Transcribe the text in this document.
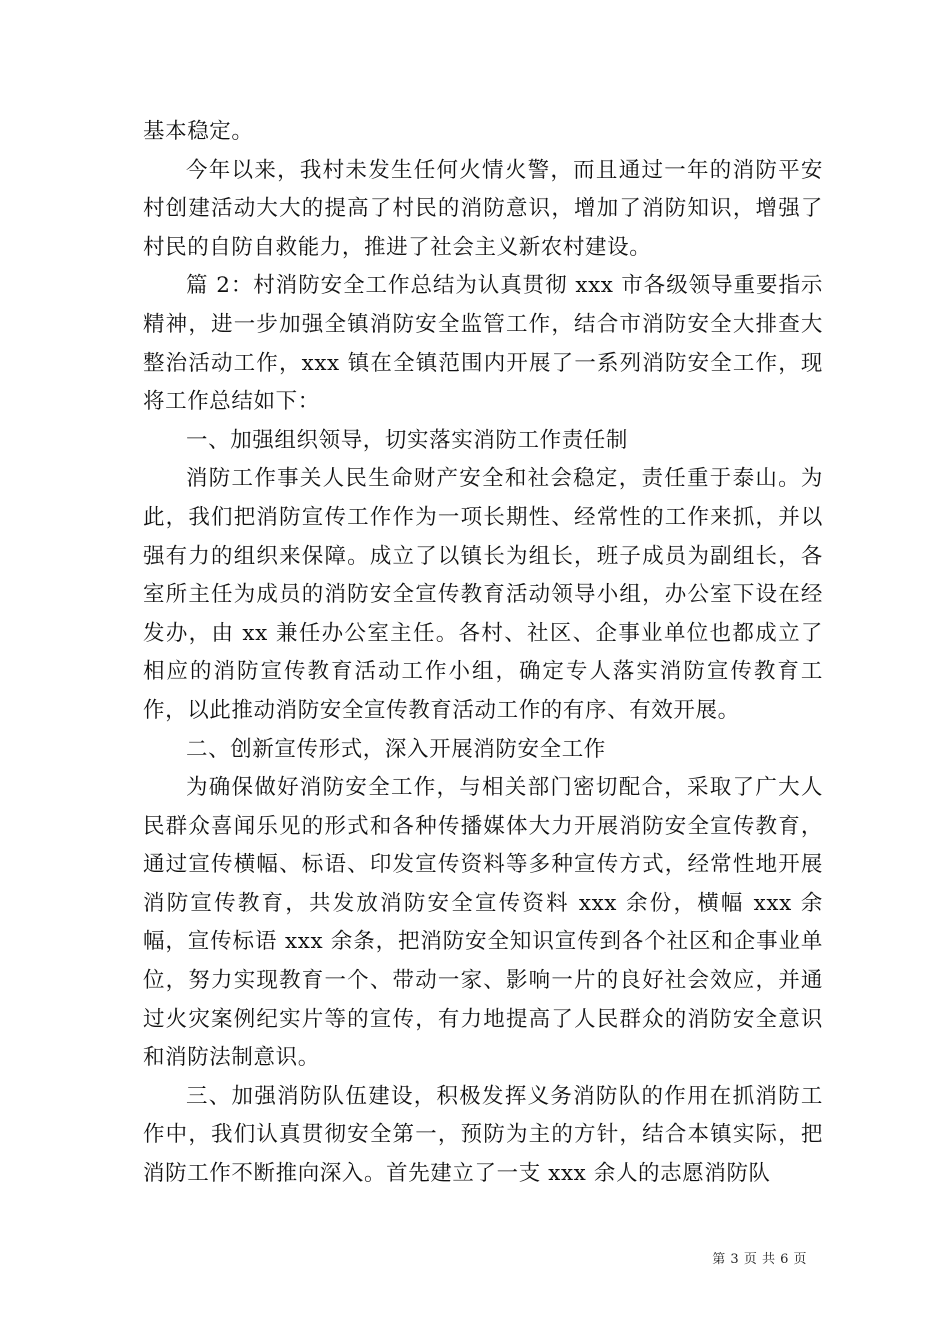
基本稳定。

今年以来，我村未发生任何火情火警，而且通过一年的消防平安村创建活动大大的提高了村民的消防意识，增加了消防知识，增强了村民的自防自救能力，推进了社会主义新农村建设。

篇 2：村消防安全工作总结为认真贯彻 xxx 市各级领导重要指示精神，进一步加强全镇消防安全监管工作，结合市消防安全大排查大整治活动工作，xxx 镇在全镇范围内开展了一系列消防安全工作，现将工作总结如下：

一、加强组织领导，切实落实消防工作责任制

消防工作事关人民生命财产安全和社会稳定，责任重于泰山。为此，我们把消防宣传工作作为一项长期性、经常性的工作来抓，并以强有力的组织来保障。成立了以镇长为组长，班子成员为副组长，各室所主任为成员的消防安全宣传教育活动领导小组，办公室下设在经发办，由 xx 兼任办公室主任。各村、社区、企事业单位也都成立了相应的消防宣传教育活动工作小组，确定专人落实消防宣传教育工作，以此推动消防安全宣传教育活动工作的有序、有效开展。

二、创新宣传形式，深入开展消防安全工作

为确保做好消防安全工作，与相关部门密切配合，采取了广大人民群众喜闻乐见的形式和各种传播媒体大力开展消防安全宣传教育，通过宣传横幅、标语、印发宣传资料等多种宣传方式，经常性地开展消防宣传教育，共发放消防安全宣传资料 xxx 余份，横幅 xxx 余幅，宣传标语 xxx 余条，把消防安全知识宣传到各个社区和企事业单位，努力实现教育一个、带动一家、影响一片的良好社会效应，并通过火灾案例纪实片等的宣传，有力地提高了人民群众的消防安全意识和消防法制意识。

三、加强消防队伍建设，积极发挥义务消防队的作用在抓消防工作中，我们认真贯彻安全第一，预防为主的方针，结合本镇实际，把消防工作不断推向深入。首先建立了一支 xxx 余人的志愿消防队

第 3 页 共 6 页
